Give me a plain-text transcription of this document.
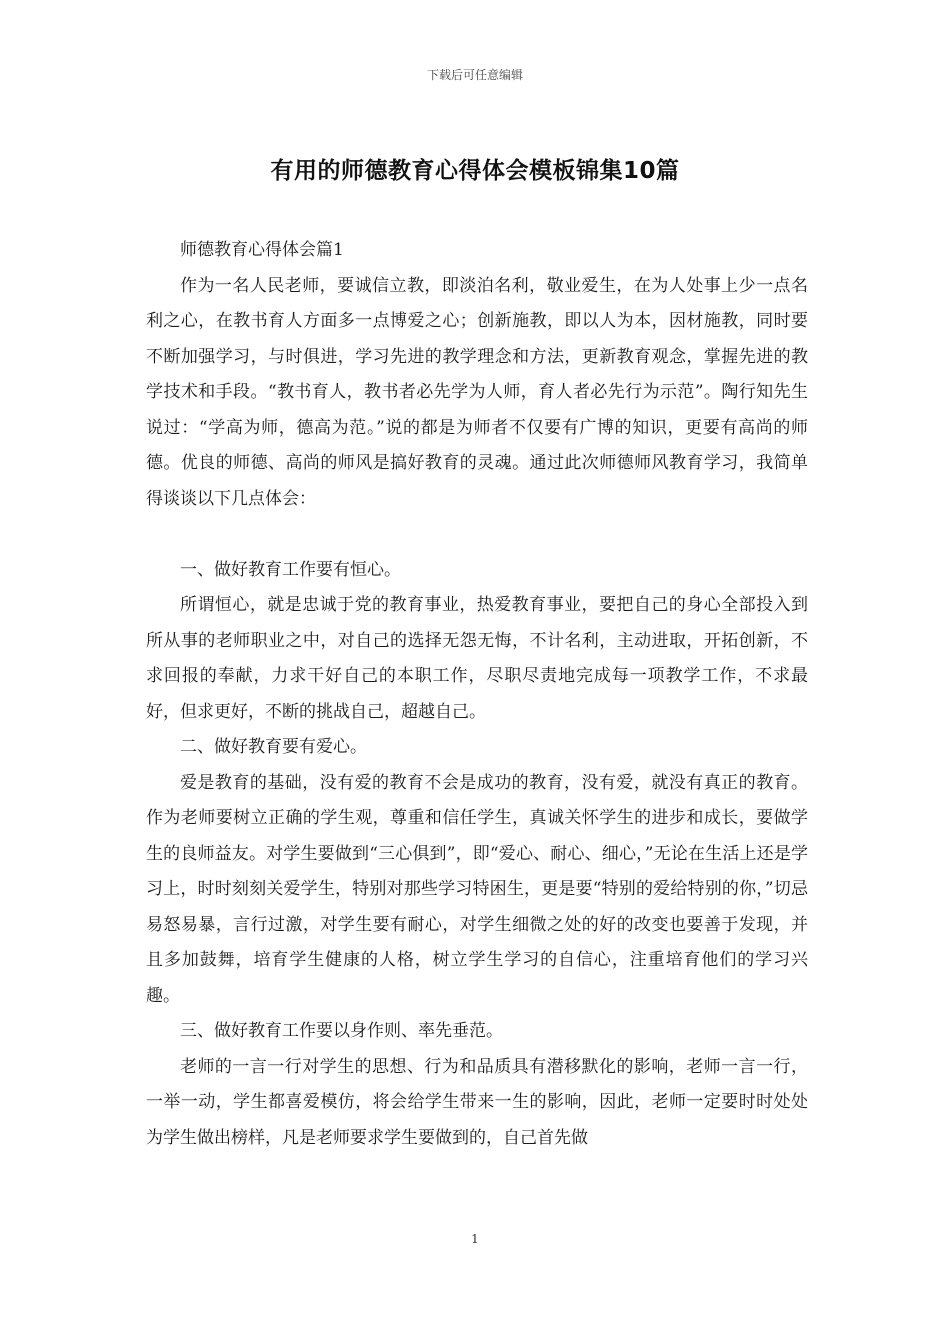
下载后可任意编辑
有用的师德教育心得体会模板锦集10篇

师德教育心得体会篇1

作为一名人民老师，要诚信立教，即淡泊名利，敬业爱生，在为人处事上少一点名利之心，在教书育人方面多一点博爱之心；创新施教，即以人为本，因材施教，同时要不断加强学习，与时俱进，学习先进的教学理念和方法，更新教育观念，掌握先进的教学技术和手段。“教书育人，教书者必先学为人师，育人者必先行为示范”。陶行知先生说过：“学高为师，德高为范。”说的都是为师者不仅要有广博的知识，更要有高尚的师德。优良的师德、高尚的师风是搞好教育的灵魂。通过此次师德师风教育学习，我简单得谈谈以下几点体会：

一、做好教育工作要有恒心。

所谓恒心，就是忠诚于党的教育事业，热爱教育事业，要把自己的身心全部投入到所从事的老师职业之中，对自己的选择无怨无悔，不计名利，主动进取，开拓创新，不求回报的奉献，力求干好自己的本职工作，尽职尽责地完成每一项教学工作，不求最好，但求更好，不断的挑战自己，超越自己。

二、做好教育要有爱心。

爱是教育的基础，没有爱的教育不会是成功的教育，没有爱，就没有真正的教育。作为老师要树立正确的学生观，尊重和信任学生，真诚关怀学生的进步和成长，要做学生的良师益友。对学生要做到“三心俱到”，即“爱心、耐心、细心，”无论在生活上还是学习上，时时刻刻关爱学生，特别对那些学习特困生，更是要“特别的爱给特别的你，”切忌易怒易暴，言行过激，对学生要有耐心，对学生细微之处的好的改变也要善于发现，并且多加鼓舞，培育学生健康的人格，树立学生学习的自信心，注重培育他们的学习兴趣。

三、做好教育工作要以身作则、率先垂范。

老师的一言一行对学生的思想、行为和品质具有潜移默化的影响，老师一言一行，一举一动，学生都喜爱模仿，将会给学生带来一生的影响，因此，老师一定要时时处处为学生做出榜样，凡是老师要求学生要做到的，自己首先做

1
